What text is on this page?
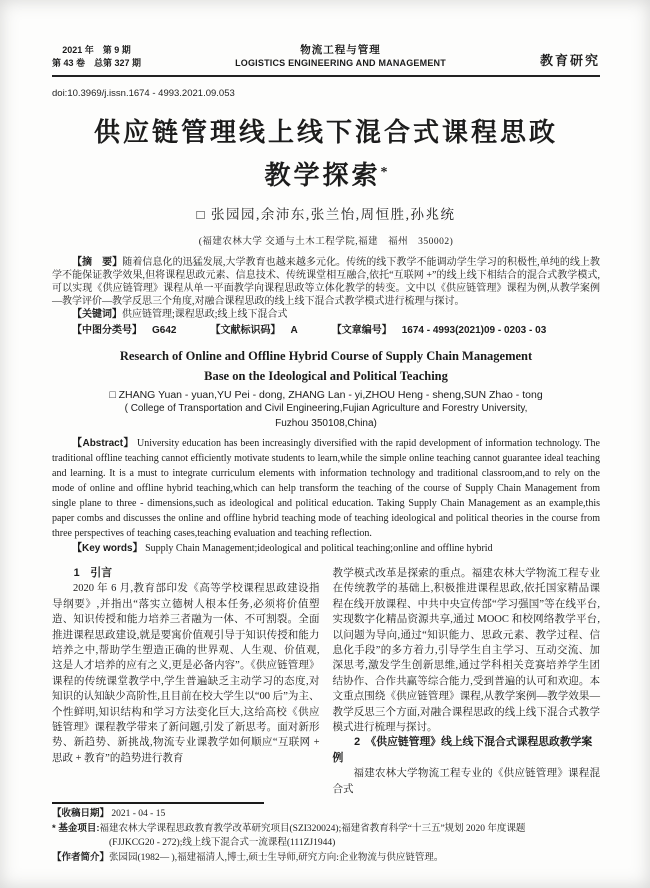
2021 年　第 9 期
第 43 卷　总第 327 期
物流工程与管理
LOGISTICS ENGINEERING AND MANAGEMENT	教育研究
doi:10.3969/j.issn.1674 - 4993.2021.09.053
供应链管理线上线下混合式课程思政
教学探索*
□ 张园园,余沛东,张兰怡,周恒胜,孙兆统
(福建农林大学 交通与土木工程学院,福建　福州　350002)

【摘　要】随着信息化的迅猛发展,大学教育也越来越多元化。传统的线下教学不能调动学生学习的积极性,单纯的线上教学不能保证教学效果,但将课程思政元素、信息技术、传统课堂相互融合,依托“互联网 +”的线上线下相结合的混合式教学模式,可以实现《供应链管理》课程从单一平面教学向课程思政等立体化教学的转变。文中以《供应链管理》课程为例,从教学案例—教学评价—教学反思三个角度,对融合课程思政的线上线下混合式教学模式进行梳理与探讨。

【关键词】供应链管理;课程思政;线上线下混合式

【中图分类号】 G642	【文献标识码】 A	【文章编号】 1674 - 4993(2021)09 - 0203 - 03
Research of Online and Offline Hybrid Course of Supply Chain Management
Base on the Ideological and Political Teaching
□ ZHANG Yuan - yuan,YU Pei - dong, ZHANG Lan - yi,ZHOU Heng - sheng,SUN Zhao - tong
( College of Transportation and Civil Engineering,Fujian Agriculture and Forestry University,
Fuzhou 350108,China)

【Abstract】 University education has been increasingly diversified with the rapid development of information technology. The traditional offline teaching cannot efficiently motivate students to learn,while the simple online teaching cannot guarantee ideal teaching and learning. It is a must to integrate curriculum elements with information technology and traditional classroom,and to rely on the mode of online and offline hybrid teaching,which can help transform the teaching of the course of Supply Chain Management from single plane to three - dimensions,such as ideological and political education. Taking Supply Chain Management as an example,this paper combs and discusses the online and offline hybrid teaching mode of teaching ideological and political theories in the course from three perspectives of teaching cases,teaching evaluation and teaching reflection.

【Key words】 Supply Chain Management;ideological and political teaching;online and offline hybrid

1　引言

2020 年 6 月,教育部印发《高等学校课程思政建设指导纲要》,并指出“落实立德树人根本任务,必须将价值塑造、知识传授和能力培养三者融为一体、不可割裂。全面推进课程思政建设,就是要寓价值观引导于知识传授和能力培养之中,帮助学生塑造正确的世界观、人生观、价值观,这是人才培养的应有之义,更是必备内容”。《供应链管理》课程的传统课堂教学中,学生普遍缺乏主动学习的态度,对知识的认知缺少高阶性,且目前在校大学生以“00 后”为主、个性鲜明,知识结构和学习方法变化巨大,这给高校《供应链管理》课程教学带来了新问题,引发了新思考。面对新形势、新趋势、新挑战,物流专业课教学如何顺应“互联网 + 思政 + 教育”的趋势进行教育

教学模式改革是探索的重点。福建农林大学物流工程专业在传统教学的基础上,积极推进课程思政,依托国家精品课程在线开放课程、中共中央宣传部“学习强国”等在线平台,实现数字化精品资源共享,通过 MOOC 和校网络教学平台,以问题为导向,通过“知识能力、思政元素、教学过程、信息化手段”的多方着力,引导学生自主学习、互动交流、加深思考,激发学生创新思维,通过学科相关竞赛培养学生团结协作、合作共赢等综合能力,受到普遍的认可和欢迎。本文重点围绕《供应链管理》课程,从教学案例—教学效果—教学反思三个方面,对融合课程思政的线上线下混合式教学模式进行梳理与探讨。

2　《供应链管理》线上线下混合式课程思政教学案例

福建农林大学物流工程专业的《供应链管理》课程混合式

【收稿日期】 2021 - 04 - 15

* 基金项目:福建农林大学课程思政教育教学改革研究项目(SZI320024);福建省教育科学“十三五”规划 2020 年度课题

(FJJKCG20 - 272);线上线下混合式一流课程(111ZJ1944)

【作者简介】张园园(1982— ),福建福清人,博士,硕士生导师,研究方向:企业物流与供应链管理。
